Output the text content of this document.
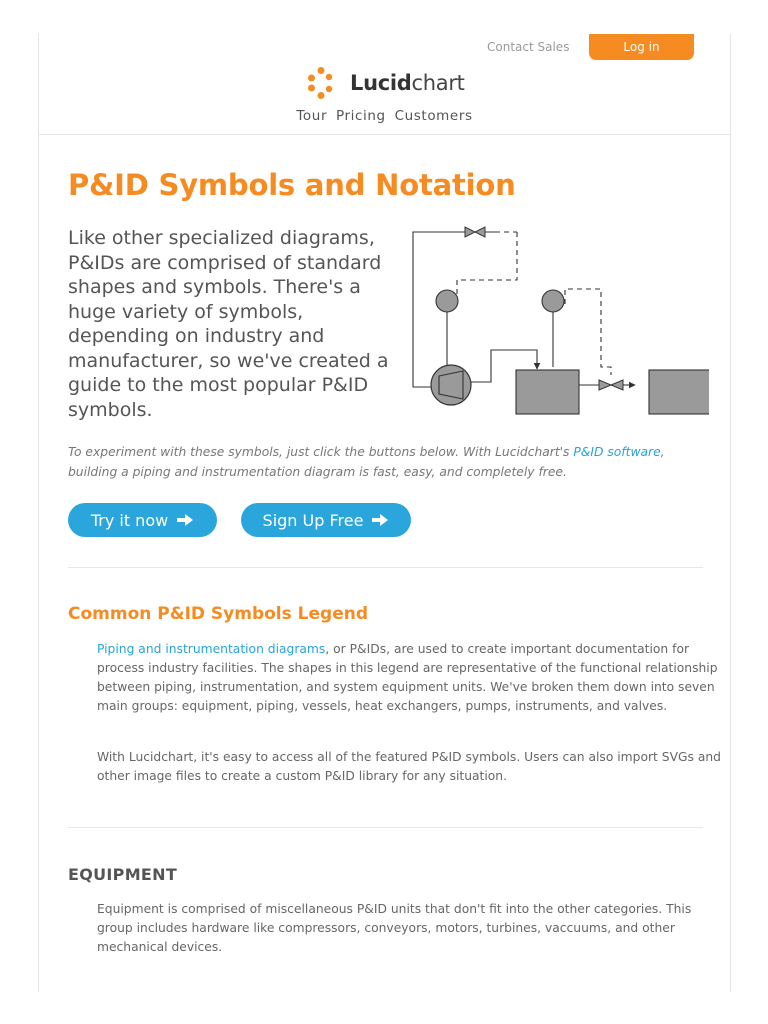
Contact Sales	Log in
Lucidchart
Tour Pricing Customers
P&ID Symbols and Notation

Like other specialized diagrams, P&IDs are comprised of standard shapes and symbols. There's a huge variety of symbols, depending on industry and manufacturer, so we've created a guide to the most popular P&ID symbols.

To experiment with these symbols, just click the buttons below. With Lucidchart's P&ID software, building a piping and instrumentation diagram is fast, easy, and completely free.

Try it now	Sign Up Free
Common P&ID Symbols Legend

Piping and instrumentation diagrams, or P&IDs, are used to create important documentation for process industry facilities. The shapes in this legend are representative of the functional relationship between piping, instrumentation, and system equipment units. We've broken them down into seven main groups: equipment, piping, vessels, heat exchangers, pumps, instruments, and valves.

With Lucidchart, it's easy to access all of the featured P&ID symbols. Users can also import SVGs and other image files to create a custom P&ID library for any situation.

EQUIPMENT

Equipment is comprised of miscellaneous P&ID units that don't fit into the other categories. This group includes hardware like compressors, conveyors, motors, turbines, vaccuums, and other mechanical devices.
